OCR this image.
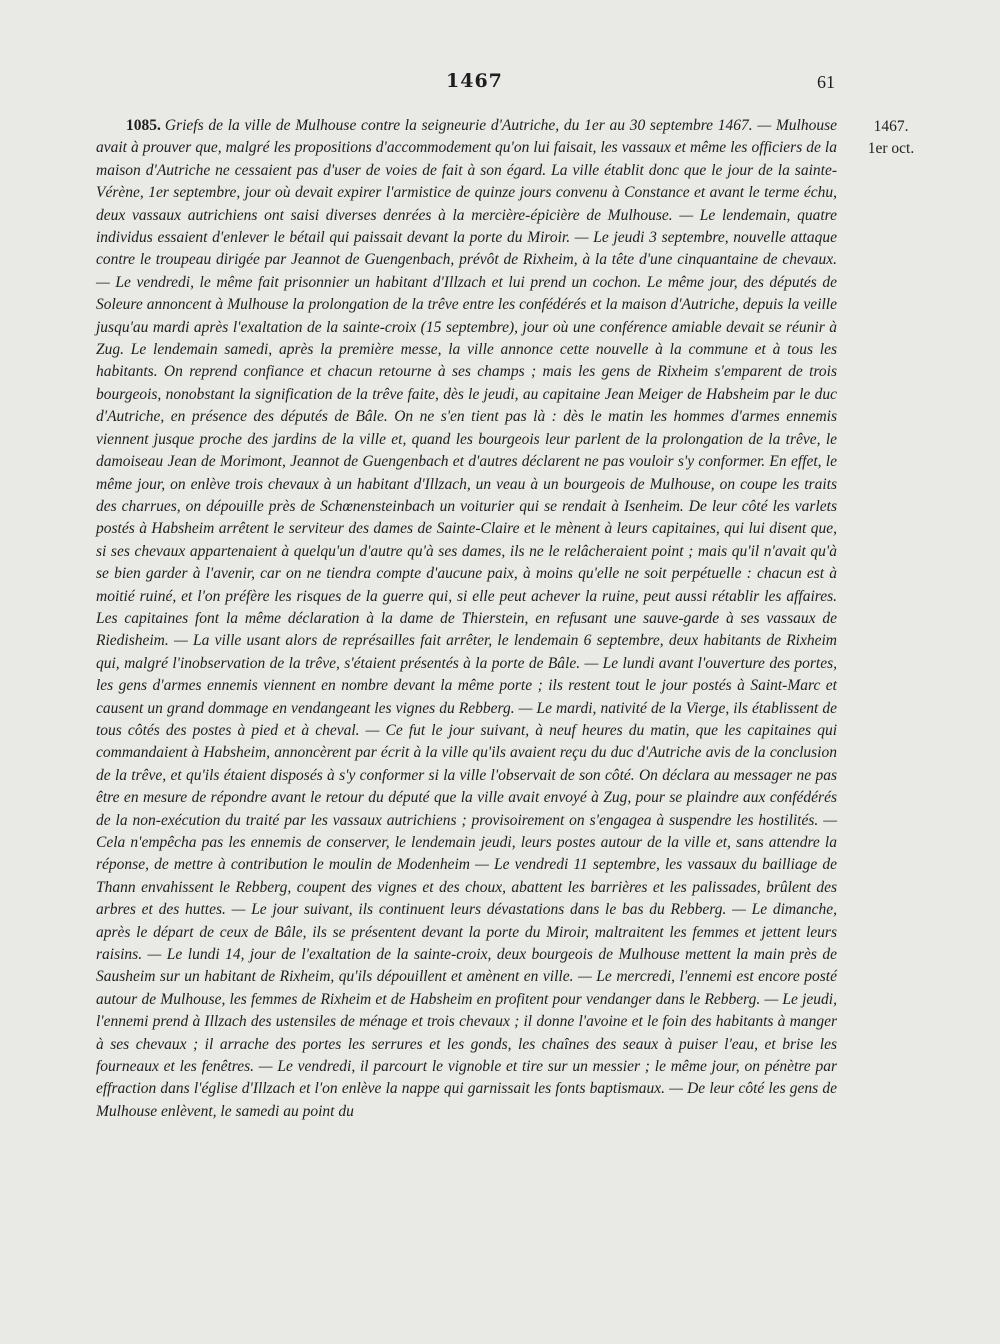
1467	61
1467.
1er oct.

1085. Griefs de la ville de Mulhouse contre la seigneurie d'Autriche, du 1er au 30 septembre 1467. — Mulhouse avait à prouver que, malgré les propositions d'accommodement qu'on lui faisait, les vassaux et même les officiers de la maison d'Autriche ne cessaient pas d'user de voies de fait à son égard. La ville établit donc que le jour de la sainte-Vérène, 1er septembre, jour où devait expirer l'armistice de quinze jours convenu à Constance et avant le terme échu, deux vassaux autrichiens ont saisi diverses denrées à la mercière-épicière de Mulhouse. — Le lendemain, quatre individus essaient d'enlever le bétail qui paissait devant la porte du Miroir. — Le jeudi 3 septembre, nouvelle attaque contre le troupeau dirigée par Jeannot de Guengenbach, prévôt de Rixheim, à la tête d'une cinquantaine de chevaux. — Le vendredi, le même fait prisonnier un habitant d'Illzach et lui prend un cochon. Le même jour, des députés de Soleure annoncent à Mulhouse la prolongation de la trêve entre les confédérés et la maison d'Autriche, depuis la veille jusqu'au mardi après l'exaltation de la sainte-croix (15 septembre), jour où une conférence amiable devait se réunir à Zug. Le lendemain samedi, après la première messe, la ville annonce cette nouvelle à la commune et à tous les habitants. On reprend confiance et chacun retourne à ses champs ; mais les gens de Rixheim s'emparent de trois bourgeois, nonobstant la signification de la trêve faite, dès le jeudi, au capitaine Jean Meiger de Habsheim par le duc d'Autriche, en présence des députés de Bâle. On ne s'en tient pas là : dès le matin les hommes d'armes ennemis viennent jusque proche des jardins de la ville et, quand les bourgeois leur parlent de la prolongation de la trêve, le damoiseau Jean de Morimont, Jeannot de Guengenbach et d'autres déclarent ne pas vouloir s'y conformer. En effet, le même jour, on enlève trois chevaux à un habitant d'Illzach, un veau à un bourgeois de Mulhouse, on coupe les traits des charrues, on dépouille près de Schœnensteinbach un voiturier qui se rendait à Isenheim. De leur côté les varlets postés à Habsheim arrêtent le serviteur des dames de Sainte-Claire et le mènent à leurs capitaines, qui lui disent que, si ses chevaux appartenaient à quelqu'un d'autre qu'à ses dames, ils ne le relâcheraient point ; mais qu'il n'avait qu'à se bien garder à l'avenir, car on ne tiendra compte d'aucune paix, à moins qu'elle ne soit perpétuelle : chacun est à moitié ruiné, et l'on préfère les risques de la guerre qui, si elle peut achever la ruine, peut aussi rétablir les affaires. Les capitaines font la même déclaration à la dame de Thierstein, en refusant une sauve-garde à ses vassaux de Riedisheim. — La ville usant alors de représailles fait arrêter, le lendemain 6 septembre, deux habitants de Rixheim qui, malgré l'inobservation de la trêve, s'étaient présentés à la porte de Bâle. — Le lundi avant l'ouverture des portes, les gens d'armes ennemis viennent en nombre devant la même porte ; ils restent tout le jour postés à Saint-Marc et causent un grand dommage en vendangeant les vignes du Rebberg. — Le mardi, nativité de la Vierge, ils établissent de tous côtés des postes à pied et à cheval. — Ce fut le jour suivant, à neuf heures du matin, que les capitaines qui commandaient à Habsheim, annoncèrent par écrit à la ville qu'ils avaient reçu du duc d'Autriche avis de la conclusion de la trêve, et qu'ils étaient disposés à s'y conformer si la ville l'observait de son côté. On déclara au messager ne pas être en mesure de répondre avant le retour du député que la ville avait envoyé à Zug, pour se plaindre aux confédérés de la non-exécution du traité par les vassaux autrichiens ; provisoirement on s'engagea à suspendre les hostilités. — Cela n'empêcha pas les ennemis de conserver, le lendemain jeudi, leurs postes autour de la ville et, sans attendre la réponse, de mettre à contribution le moulin de Modenheim — Le vendredi 11 septembre, les vassaux du bailliage de Thann envahissent le Rebberg, coupent des vignes et des choux, abattent les barrières et les palissades, brûlent des arbres et des huttes. — Le jour suivant, ils continuent leurs dévastations dans le bas du Rebberg. — Le dimanche, après le départ de ceux de Bâle, ils se présentent devant la porte du Miroir, maltraitent les femmes et jettent leurs raisins. — Le lundi 14, jour de l'exaltation de la sainte-croix, deux bourgeois de Mulhouse mettent la main près de Sausheim sur un habitant de Rixheim, qu'ils dépouillent et amènent en ville. — Le mercredi, l'ennemi est encore posté autour de Mulhouse, les femmes de Rixheim et de Habsheim en profitent pour vendanger dans le Rebberg. — Le jeudi, l'ennemi prend à Illzach des ustensiles de ménage et trois chevaux ; il donne l'avoine et le foin des habitants à manger à ses chevaux ; il arrache des portes les serrures et les gonds, les chaînes des seaux à puiser l'eau, et brise les fourneaux et les fenêtres. — Le vendredi, il parcourt le vignoble et tire sur un messier ; le même jour, on pénètre par effraction dans l'église d'Illzach et l'on enlève la nappe qui garnissait les fonts baptismaux. — De leur côté les gens de Mulhouse enlèvent, le samedi au point du
